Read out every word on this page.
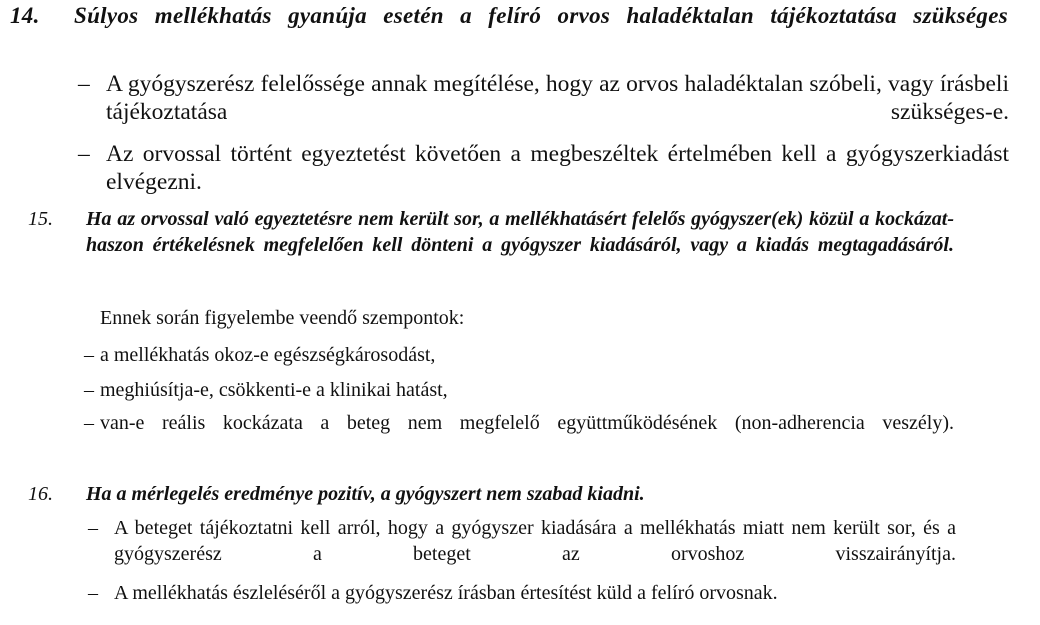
14. Súlyos mellékhatás gyanúja esetén a felíró orvos haladéktalan tájékoztatása szükséges
– A gyógyszerész felelőssége annak megítélése, hogy az orvos haladéktalan szóbeli, vagy írásbeli tájékoztatása szükséges-e.
– Az orvossal történt egyeztetést követően a megbeszéltek értelmében kell a gyógyszerkiadást elvégezni.
15. Ha az orvossal való egyeztetésre nem került sor, a mellékhatásért felelős gyógyszer(ek) közül a kockázat-haszon értékelésnek megfelelően kell dönteni a gyógyszer kiadásáról, vagy a kiadás megtagadásáról.
Ennek során figyelembe veendő szempontok:
– a mellékhatás okoz-e egészségkárosodást,
– meghiúsítja-e, csökkenti-e a klinikai hatást,
– van-e reális kockázata a beteg nem megfelelő együttműködésének (non-adherencia veszély).
16. Ha a mérlegelés eredménye pozitív, a gyógyszert nem szabad kiadni.
– A beteget tájékoztatni kell arról, hogy a gyógyszer kiadására a mellékhatás miatt nem került sor, és a gyógyszerész a beteget az orvoshoz visszairányítja.
– A mellékhatás észleléséről a gyógyszerész írásban értesítést küld a felíró orvosnak.
